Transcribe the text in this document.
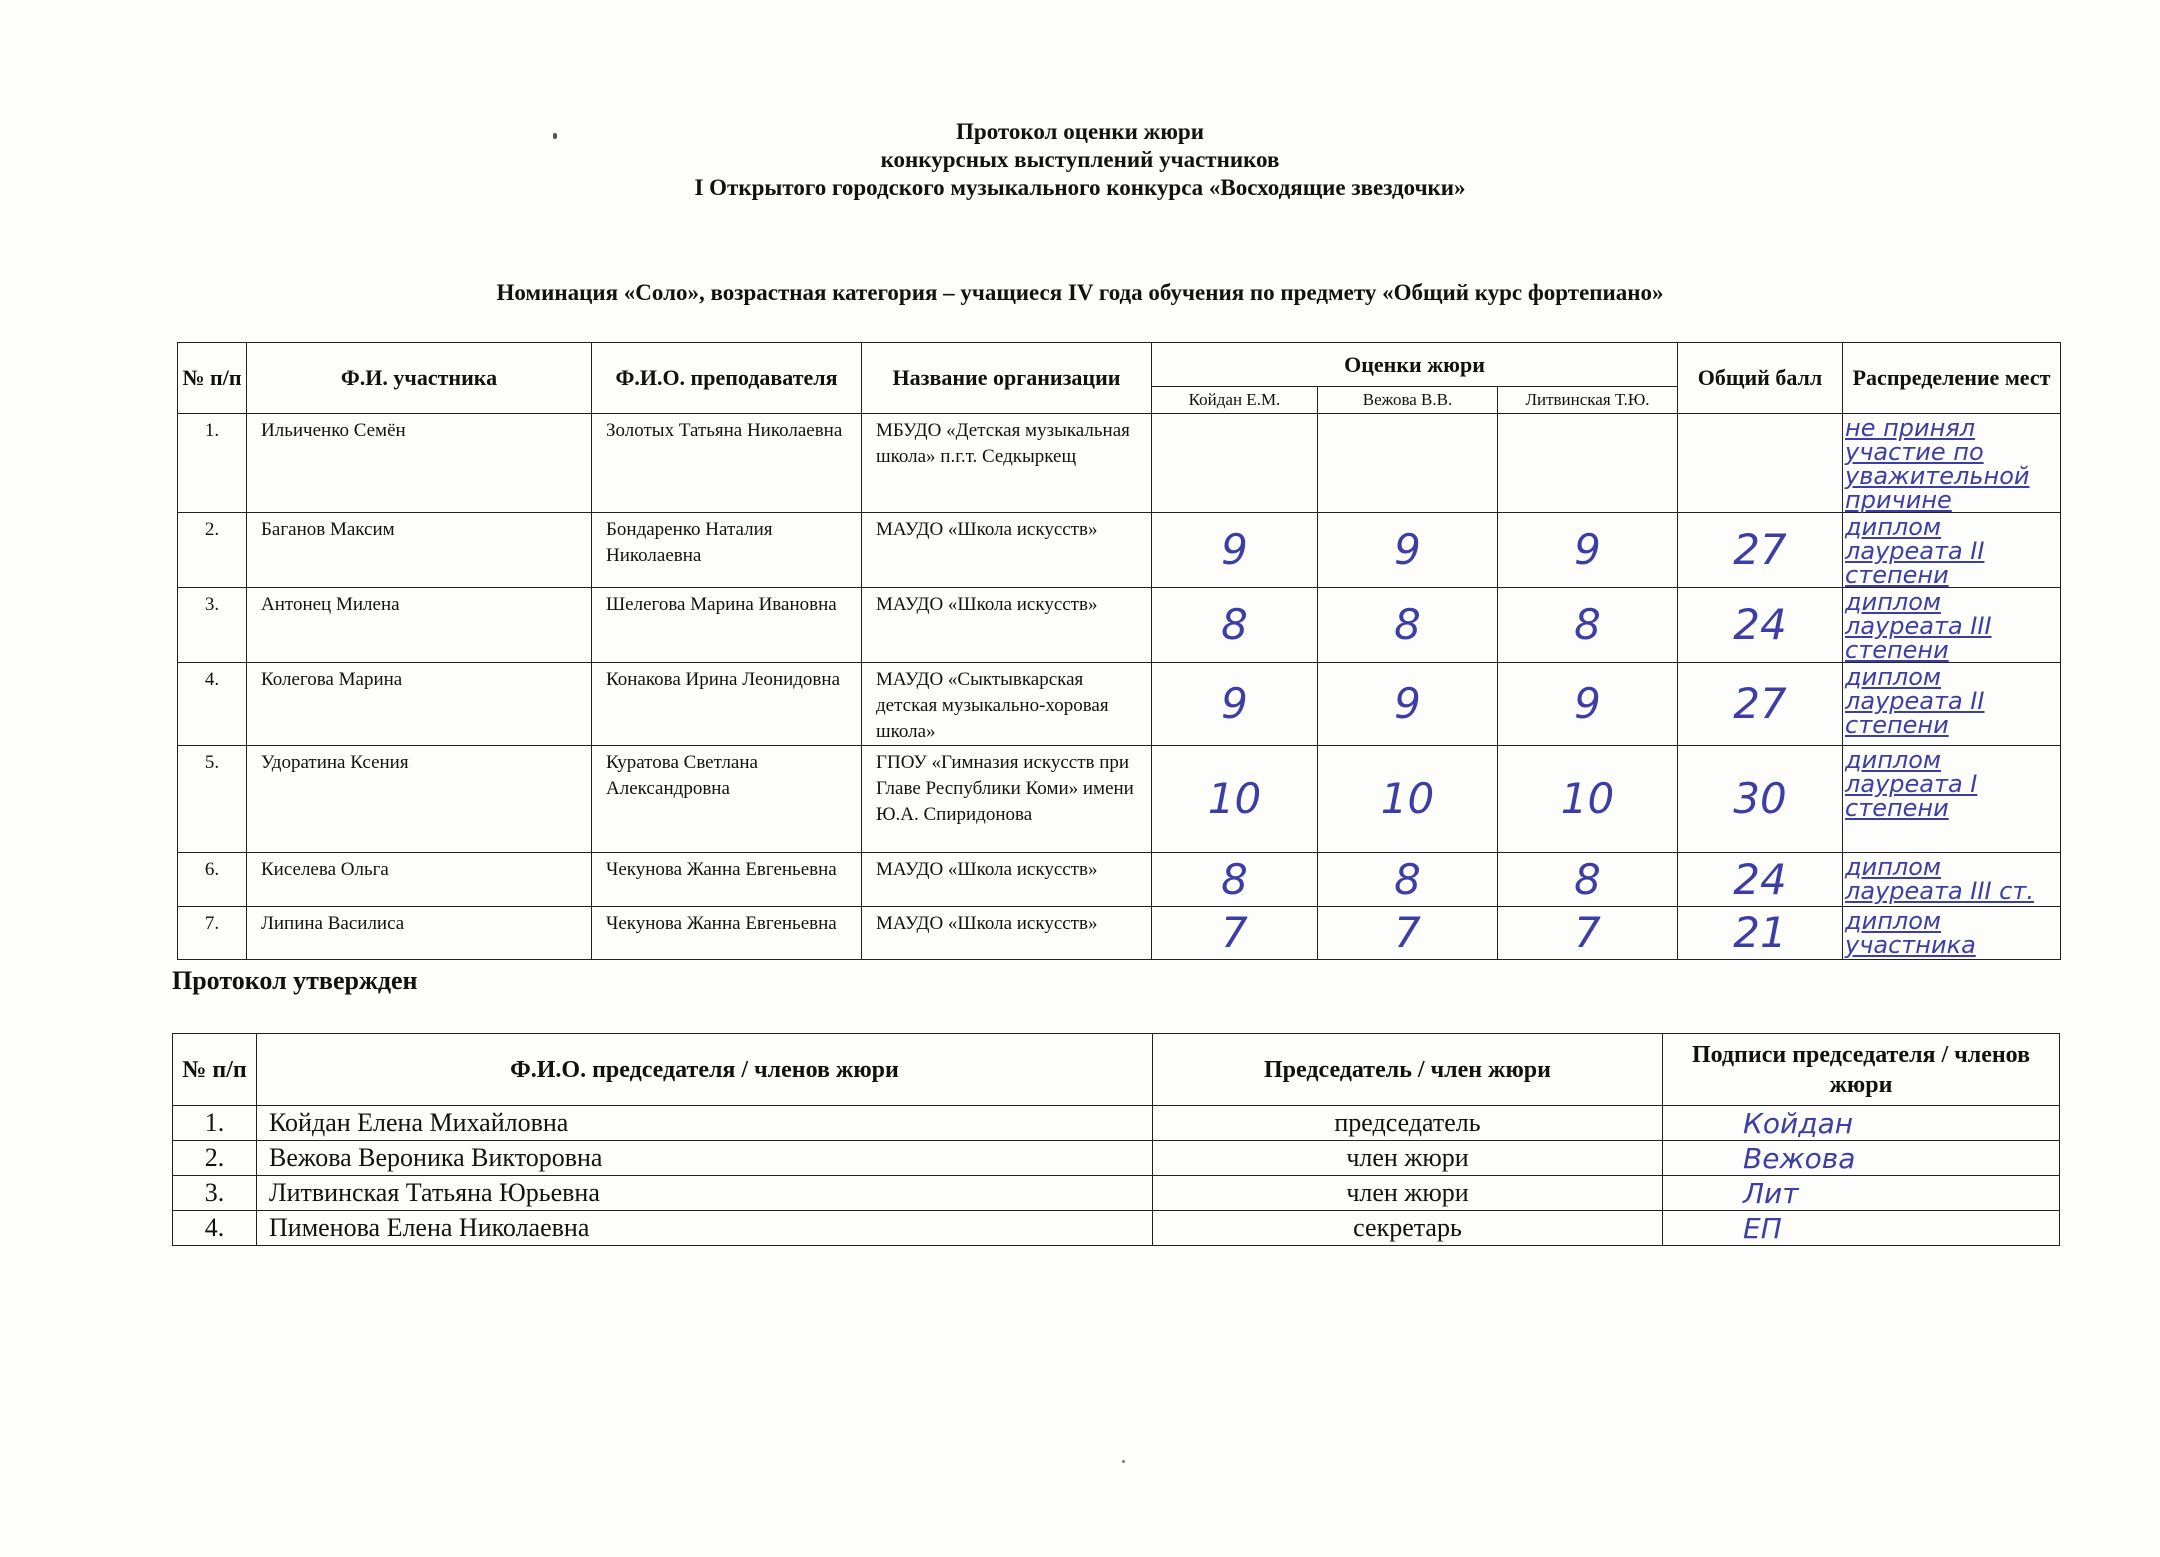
Протокол оценки жюри
конкурсных выступлений участников
I Открытого городского музыкального конкурса «Восходящие звездочки»
Номинация «Соло», возрастная категория – учащиеся IV года обучения по предмету «Общий курс фортепиано»
№ п/п	Ф.И. участника	Ф.И.О. преподавателя	Название организации	Оценки жюри			Общий балл	Распределение мест
				Койдан Е.М.	Вежова В.В.	Литвинская Т.Ю.		
1.	Ильиченко Семён	Золотых Татьяна Николаевна	МБУДО «Детская музыкальная школа» п.г.т. Седкыркещ					не принял участие по уважительной причине
2.	Баганов Максим	Бондаренко Наталия Николаевна	МАУДО «Школа искусств»	9	9	9	27	диплом лауреата II степени
3.	Антонец Милена	Шелегова Марина Ивановна	МАУДО «Школа искусств»	8	8	8	24	диплом лауреата III степени
4.	Колегова Марина	Конакова Ирина Леонидовна	МАУДО «Сыктывкарская детская музыкально-хоровая школа»	9	9	9	27	диплом лауреата II степени
5.	Удоратина Ксения	Куратова Светлана Александровна	ГПОУ «Гимназия искусств при Главе Республики Коми» имени Ю.А. Спиридонова	10	10	10	30	диплом лауреата I степени
6.	Киселева Ольга	Чекунова Жанна Евгеньевна	МАУДО «Школа искусств»	8	8	8	24	диплом лауреата III ст.
7.	Липина Василиса	Чекунова Жанна Евгеньевна	МАУДО «Школа искусств»	7	7	7	21	диплом участника
Протокол утвержден
№ п/п	Ф.И.О. председателя / членов жюри	Председатель / член жюри	Подписи председателя / членов жюри
1.	Койдан Елена Михайловна	председатель	Койдан
2.	Вежова Вероника Викторовна	член жюри	Вежова
3.	Литвинская Татьяна Юрьевна	член жюри	Лит
4.	Пименова Елена Николаевна	секретарь	ЕП
